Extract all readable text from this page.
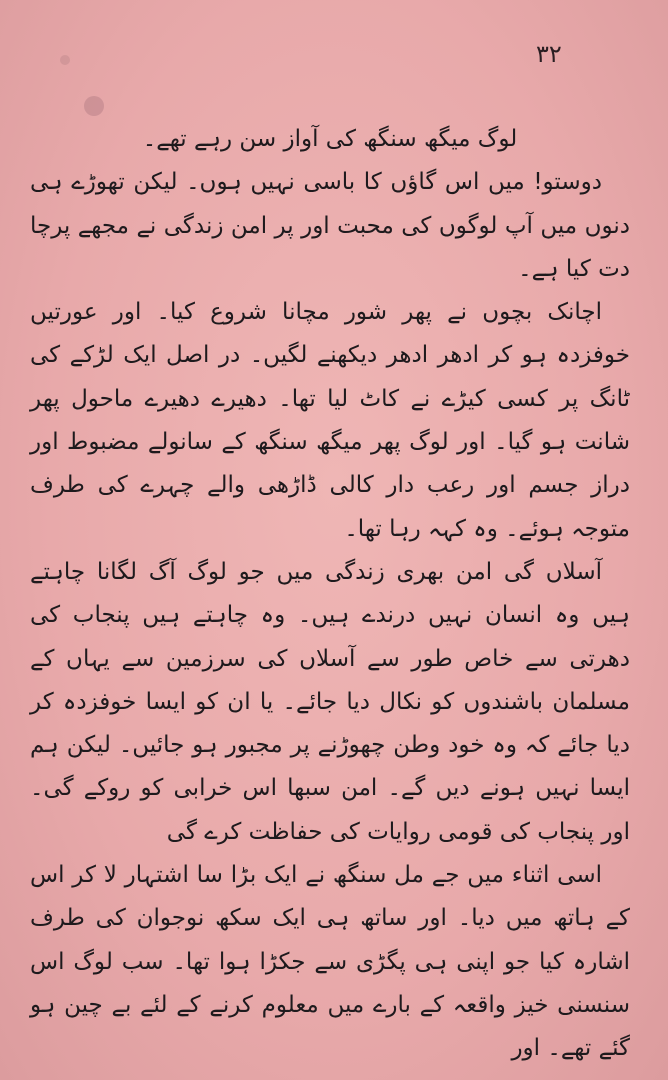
۳۲

لوگ میگھ سنگھ کی آواز سن رہے تھے۔

دوستو! میں اس گاؤں کا باسی نہیں ہوں۔ لیکن تھوڑے ہی دنوں میں آپ لوگوں کی محبت اور پر امن زندگی نے مجھے پرچا دت کیا ہے۔

اچانک بچوں نے پھر شور مچانا شروع کیا۔ اور عورتیں خوفزدہ ہو کر ادھر ادھر دیکھنے لگیں۔ در اصل ایک لڑکے کی ٹانگ پر کسی کیڑے نے کاٹ لیا تھا۔ دھیرے دھیرے ماحول پھر شانت ہو گیا۔ اور لوگ پھر میگھ سنگھ کے سانولے مضبوط اور دراز جسم اور رعب دار کالی ڈاڑھی والے چہرے کی طرف متوجہ ہوئے۔ وہ کہہ رہا تھا۔

آسلاں گی امن بھری زندگی میں جو لوگ آگ لگانا چاہتے ہیں وہ انسان نہیں درندے ہیں۔ وہ چاہتے ہیں پنجاب کی دھرتی سے خاص طور سے آسلاں کی سرزمین سے یہاں کے مسلمان باشندوں کو نکال دیا جائے۔ یا ان کو ایسا خوفزدہ کر دیا جائے کہ وہ خود وطن چھوڑنے پر مجبور ہو جائیں۔ لیکن ہم ایسا نہیں ہونے دیں گے۔ امن سبھا اس خرابی کو روکے گی۔ اور پنجاب کی قومی روایات کی حفاظت کرے گی

اسی اثناء میں جے مل سنگھ نے ایک بڑا سا اشتہار لا کر اس کے ہاتھ میں دیا۔ اور ساتھ ہی ایک سکھ نوجوان کی طرف اشارہ کیا جو اپنی ہی پگڑی سے جکڑا ہوا تھا۔ سب لوگ اس سنسنی خیز واقعہ کے بارے میں معلوم کرنے کے لئے بے چین ہو گئے تھے۔ اور
